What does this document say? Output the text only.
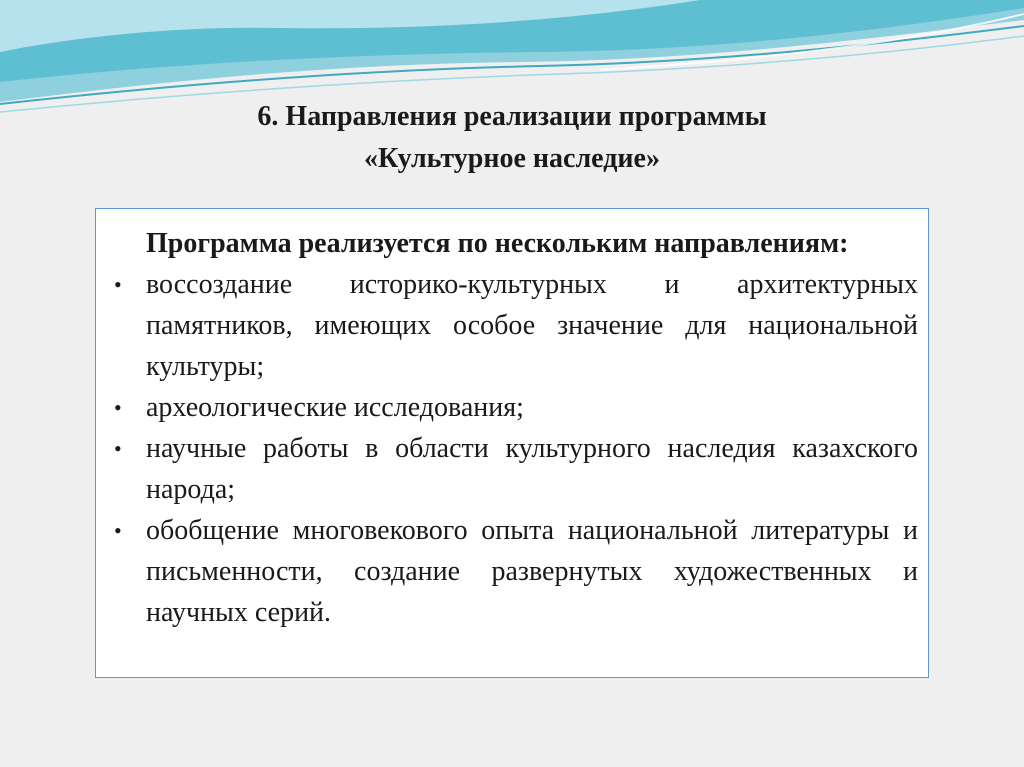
6. Направления реализации программы
«Культурное наследие»

Программа реализуется по нескольким направлениям:

•
воссоздание историко-культурных и архитектурных памятников, имеющих особое значение для национальной культуры;
•
археологические исследования;
•
научные работы в области культурного наследия казахского народа;
•
обобщение многовекового опыта национальной литературы и письменности, создание развернутых художественных и научных серий.
